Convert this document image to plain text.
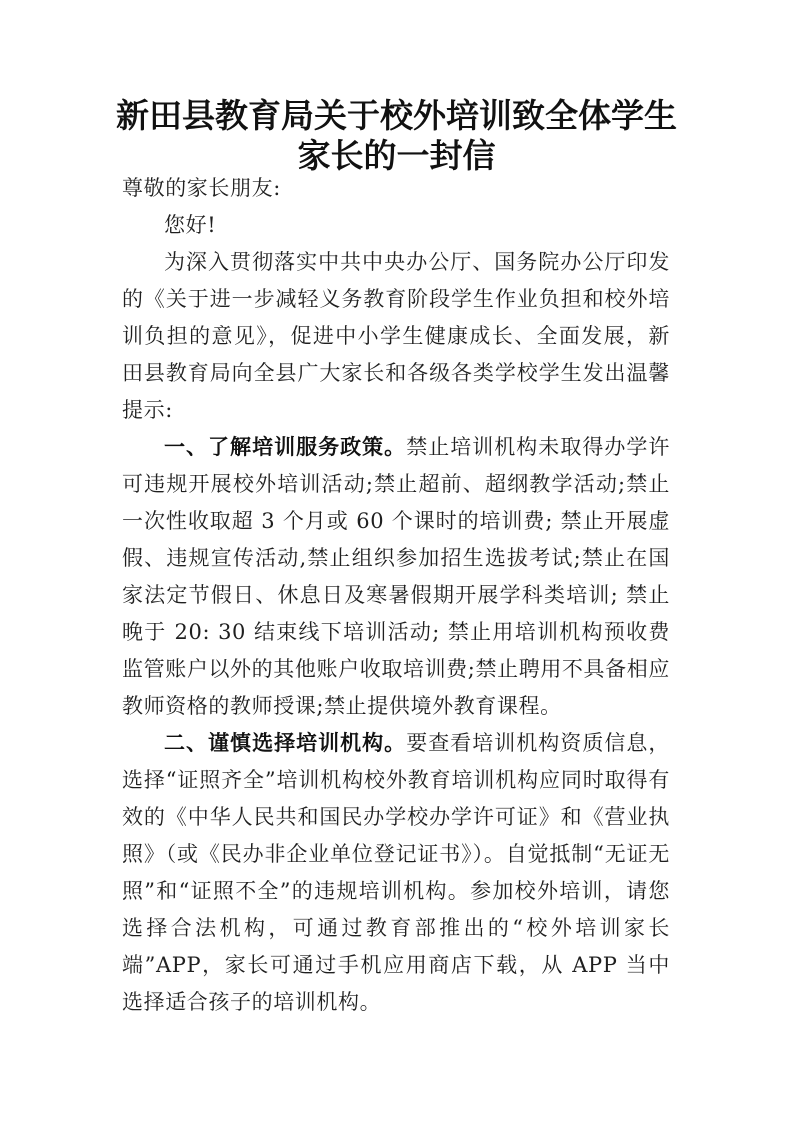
新田县教育局关于校外培训致全体学生
家长的一封信

尊敬的家长朋友:

您好!

为深入贯彻落实中共中央办公厅、国务院办公厅印发的《关于进一步减轻义务教育阶段学生作业负担和校外培训负担的意见》，促进中小学生健康成长、全面发展，新田县教育局向全县广大家长和各级各类学校学生发出温馨提示:

一、了解培训服务政策。禁止培训机构未取得办学许可违规开展校外培训活动;禁止超前、超纲教学活动;禁止一次性收取超 3 个月或 60 个课时的培训费; 禁止开展虚假、违规宣传活动,禁止组织参加招生选拔考试;禁止在国家法定节假日、休息日及寒暑假期开展学科类培训; 禁止晚于 20: 30 结束线下培训活动; 禁止用培训机构预收费监管账户以外的其他账户收取培训费;禁止聘用不具备相应教师资格的教师授课;禁止提供境外教育课程。

二、谨慎选择培训机构。要查看培训机构资质信息，选择“证照齐全”培训机构校外教育培训机构应同时取得有效的《中华人民共和国民办学校办学许可证》和《营业执照》（或《民办非企业单位登记证书》）。自觉抵制“无证无照”和“证照不全”的违规培训机构。参加校外培训，请您选择合法机构，可通过教育部推出的“校外培训家长端”APP，家长可通过手机应用商店下载，从 APP 当中选择适合孩子的培训机构。
